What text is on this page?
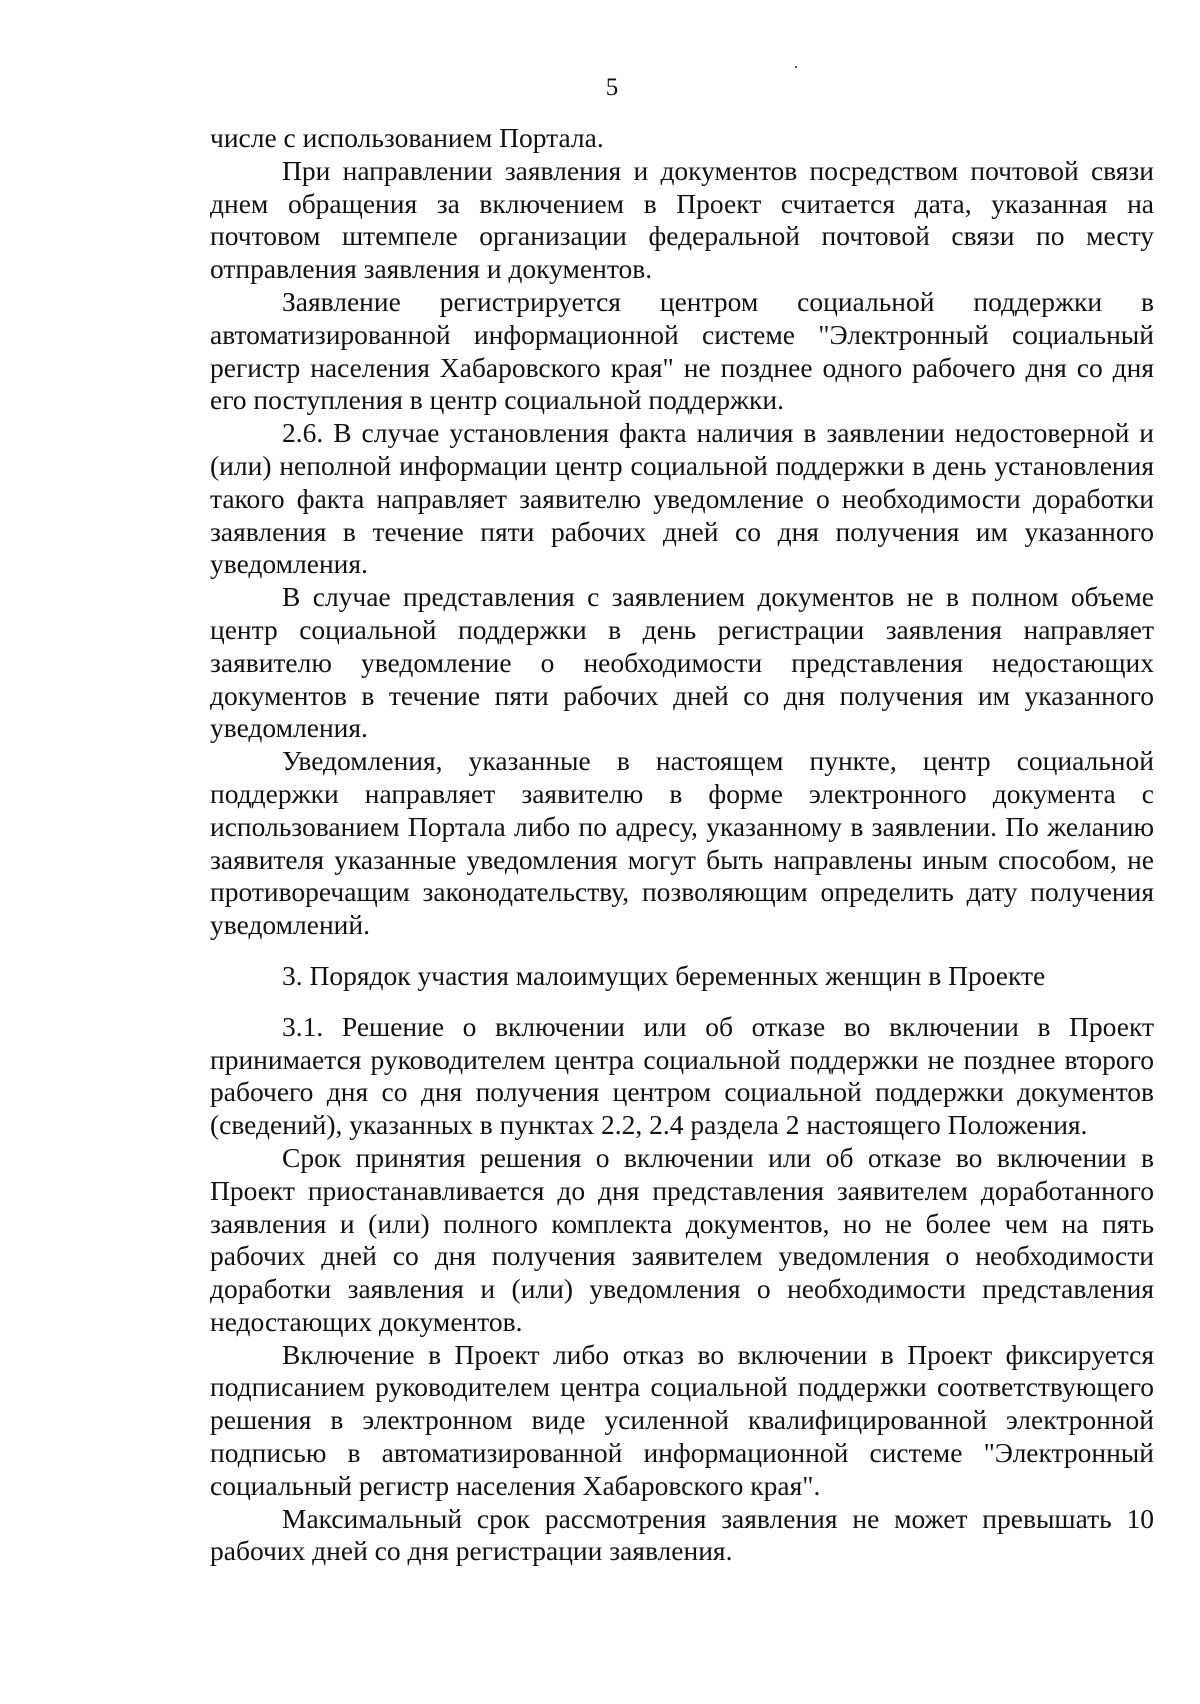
5

числе с использованием Портала.

При направлении заявления и документов посредством почтовой связи днем обращения за включением в Проект считается дата, указанная на почтовом штемпеле организации федеральной почтовой связи по месту отправления заявления и документов.

Заявление регистрируется центром социальной поддержки в автоматизированной информационной системе "Электронный социальный регистр населения Хабаровского края" не позднее одного рабочего дня со дня его поступления в центр социальной поддержки.

2.6. В случае установления факта наличия в заявлении недостоверной и (или) неполной информации центр социальной поддержки в день установления такого факта направляет заявителю уведомление о необходимости доработки заявления в течение пяти рабочих дней со дня получения им указанного уведомления.

В случае представления с заявлением документов не в полном объеме центр социальной поддержки в день регистрации заявления направляет заявителю уведомление о необходимости представления недостающих документов в течение пяти рабочих дней со дня получения им указанного уведомления.

Уведомления, указанные в настоящем пункте, центр социальной поддержки направляет заявителю в форме электронного документа с использованием Портала либо по адресу, указанному в заявлении. По желанию заявителя указанные уведомления могут быть направлены иным способом, не противоречащим законодательству, позволяющим определить дату получения уведомлений.

3. Порядок участия малоимущих беременных женщин в Проекте

3.1. Решение о включении или об отказе во включении в Проект принимается руководителем центра социальной поддержки не позднее второго рабочего дня со дня получения центром социальной поддержки документов (сведений), указанных в пунктах 2.2, 2.4 раздела 2 настоящего Положения.

Срок принятия решения о включении или об отказе во включении в Проект приостанавливается до дня представления заявителем доработанного заявления и (или) полного комплекта документов, но не более чем на пять рабочих дней со дня получения заявителем уведомления о необходимости доработки заявления и (или) уведомления о необходимости представления недостающих документов.

Включение в Проект либо отказ во включении в Проект фиксируется подписанием руководителем центра социальной поддержки соответствующего решения в электронном виде усиленной квалифицированной электронной подписью в автоматизированной информационной системе "Электронный социальный регистр населения Хабаровского края".

Максимальный срок рассмотрения заявления не может превышать 10 рабочих дней со дня регистрации заявления.
